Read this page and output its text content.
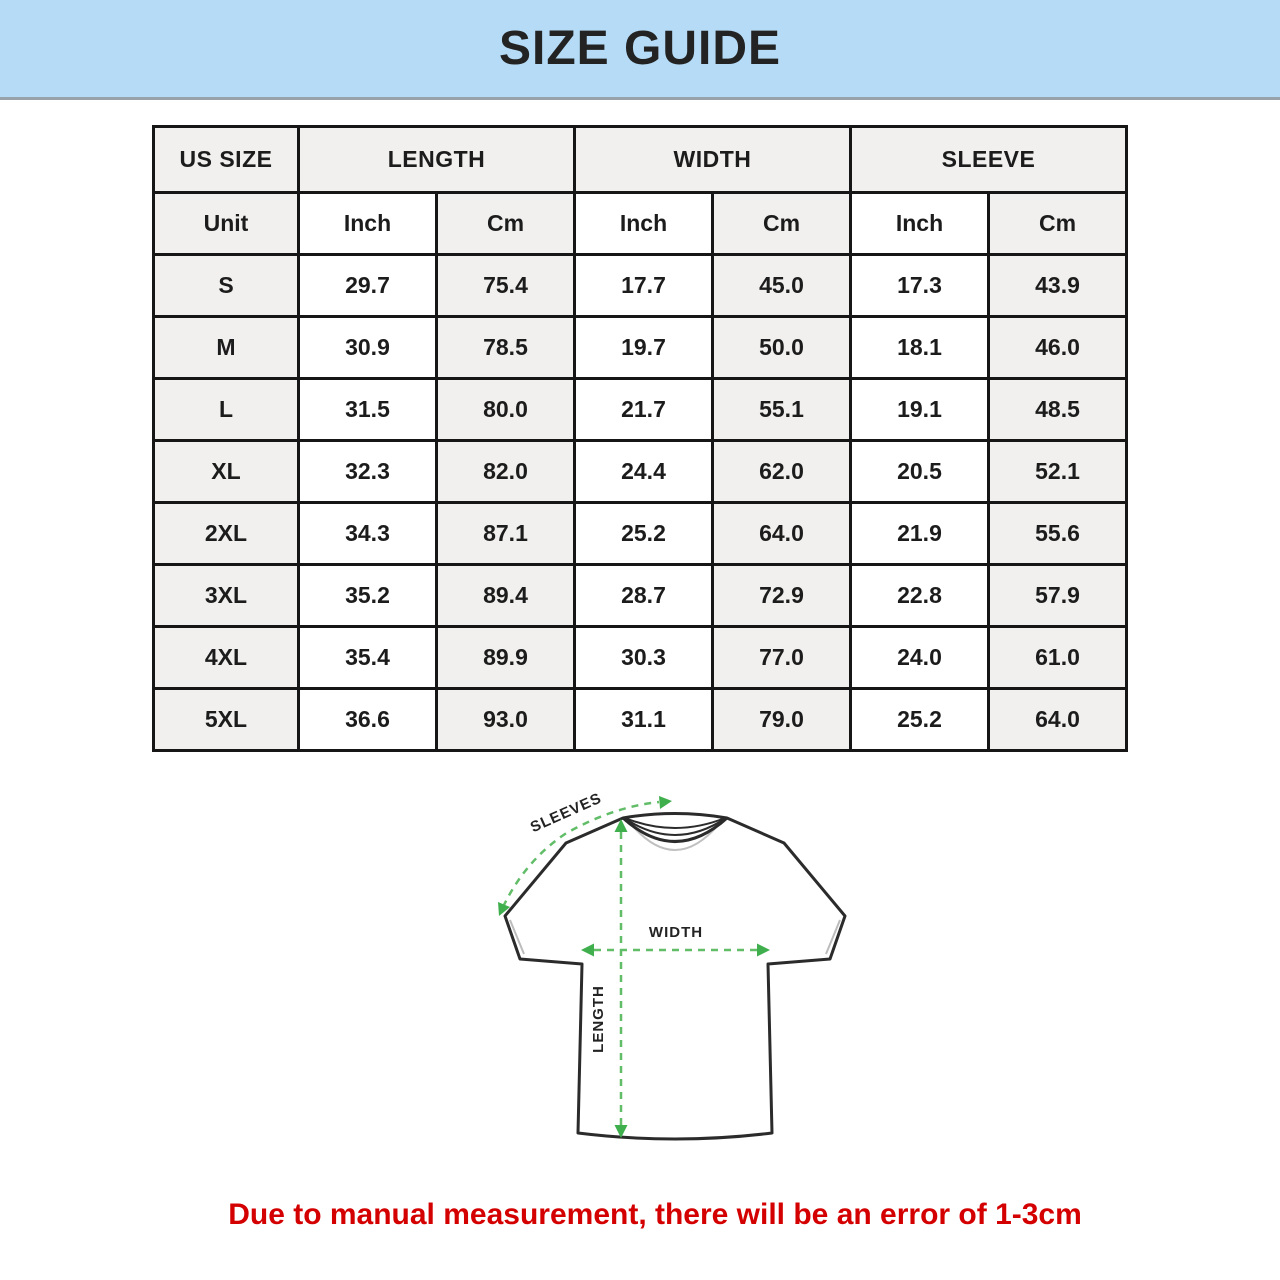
SIZE GUIDE
US SIZE	LENGTH		WIDTH		SLEEVE	
Unit	Inch	Cm	Inch	Cm	Inch	Cm
S	29.7	75.4	17.7	45.0	17.3	43.9
M	30.9	78.5	19.7	50.0	18.1	46.0
L	31.5	80.0	21.7	55.1	19.1	48.5
XL	32.3	82.0	24.4	62.0	20.5	52.1
2XL	34.3	87.1	25.2	64.0	21.9	55.6
3XL	35.2	89.4	28.7	72.9	22.8	57.9
4XL	35.4	89.9	30.3	77.0	24.0	61.0
5XL	36.6	93.0	31.1	79.0	25.2	64.0
LENGTH
WIDTH
SLEEVES

Due to manual measurement, there will be an error of 1-3cm
